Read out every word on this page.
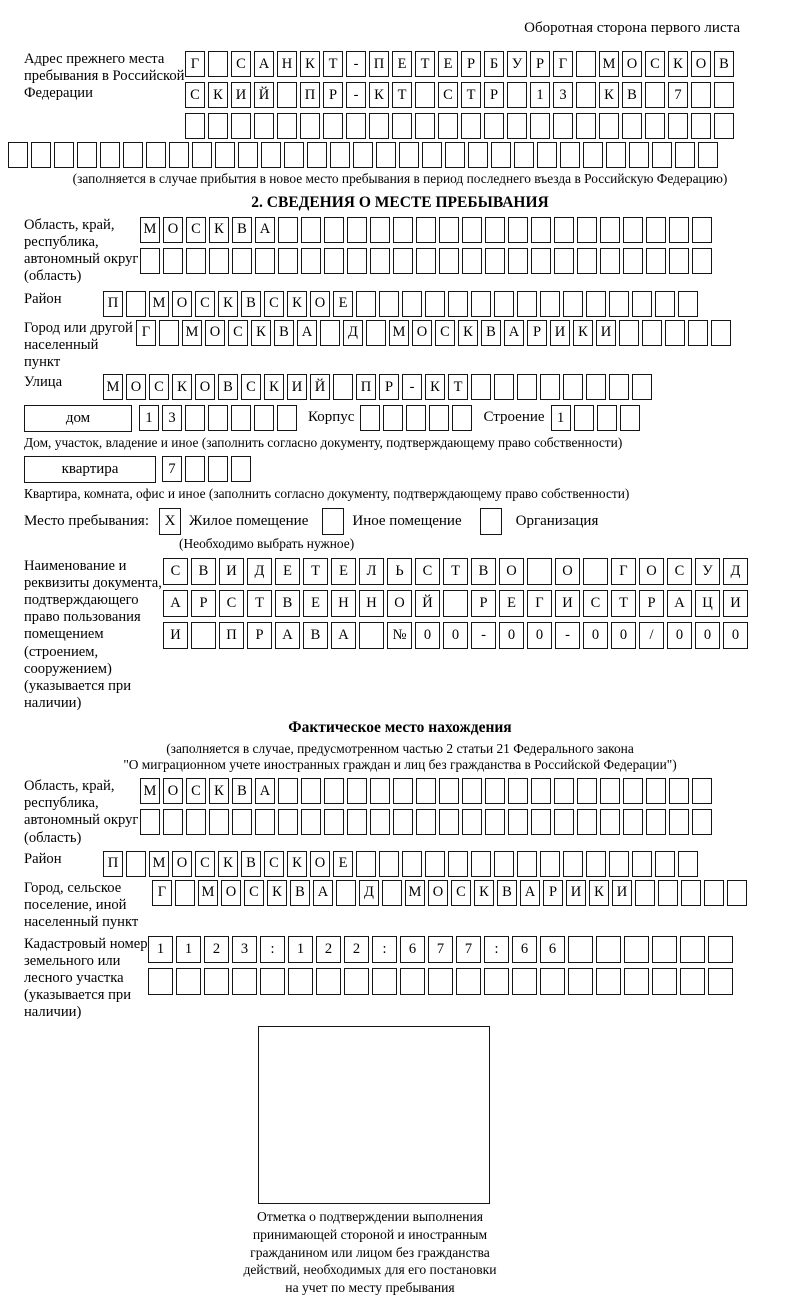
Оборотная сторона первого листа
Адрес прежнего места пребывания в Российской Федерации
Г	С А Н К Т	-	П Е Т Е	Р	Б У Р	Г	М О С К О В
С К И Й	П Р	-	К Т	С Т	Р	1	3	К В	7
(заполняется в случае прибытия в новое место пребывания в период последнего въезда в Российскую Федерацию)
2. СВЕДЕНИЯ О МЕСТЕ ПРЕБЫВАНИЯ
Область, край, республика, автономный округ (область)
М О С К В А
Район	П	М О С К В С К О Е
Город или другой населенный пункт
Г	М О С К В А	Д	М О С К В А Р И К И
Улица	М О С К О В С К И Й	П Р	-	К Т
дом	1	3	Корпус	Строение 1
Дом, участок, владение и иное (заполнить согласно документу, подтверждающему право собственности)
квартира	7
Квартира, комната, офис и иное (заполнить согласно документу, подтверждающему право собственности)
Место пребывания:	X Жилое помещение	Иное помещение	Организация
(Необходимо выбрать нужное)
Наименование и реквизиты документа, подтверждающего право пользования помещением (строением, сооружением) (указывается при наличии)
С	В	И	Д	Е	Т	Е	Л	Ь	С	Т	В	О	О	Г	О	С	У	Д
А	Р	С	Т	В	Е	Н	Н	О	Й	Р	Е	Г	И	С	Т	Р	А	Ц	И
И	П	Р	А	В	А	№	0	0	-	0	0	-	0	0	/	0	0	0
Фактическое место нахождения
(заполняется в случае, предусмотренном частью 2 статьи 21 Федерального закона
"О миграционном учете иностранных граждан и лиц без гражданства в Российской Федерации")
Область, край, республика, автономный округ (область)
М О С К В А
Район	П	М О С К В С К О Е
Город, сельское поселение, иной населенный пункт
Г	М О С К В А	Д	М О С К В А Р И К И
Кадастровый номер земельного или лесного участка (указывается при наличии)
1	1	2	3	:	1	2	2	:	6	7	7	:	6	6
Отметка о подтверждении выполнения принимающей стороной и иностранным гражданином или лицом без гражданства действий, необходимых для его постановки на учет по месту пребывания
